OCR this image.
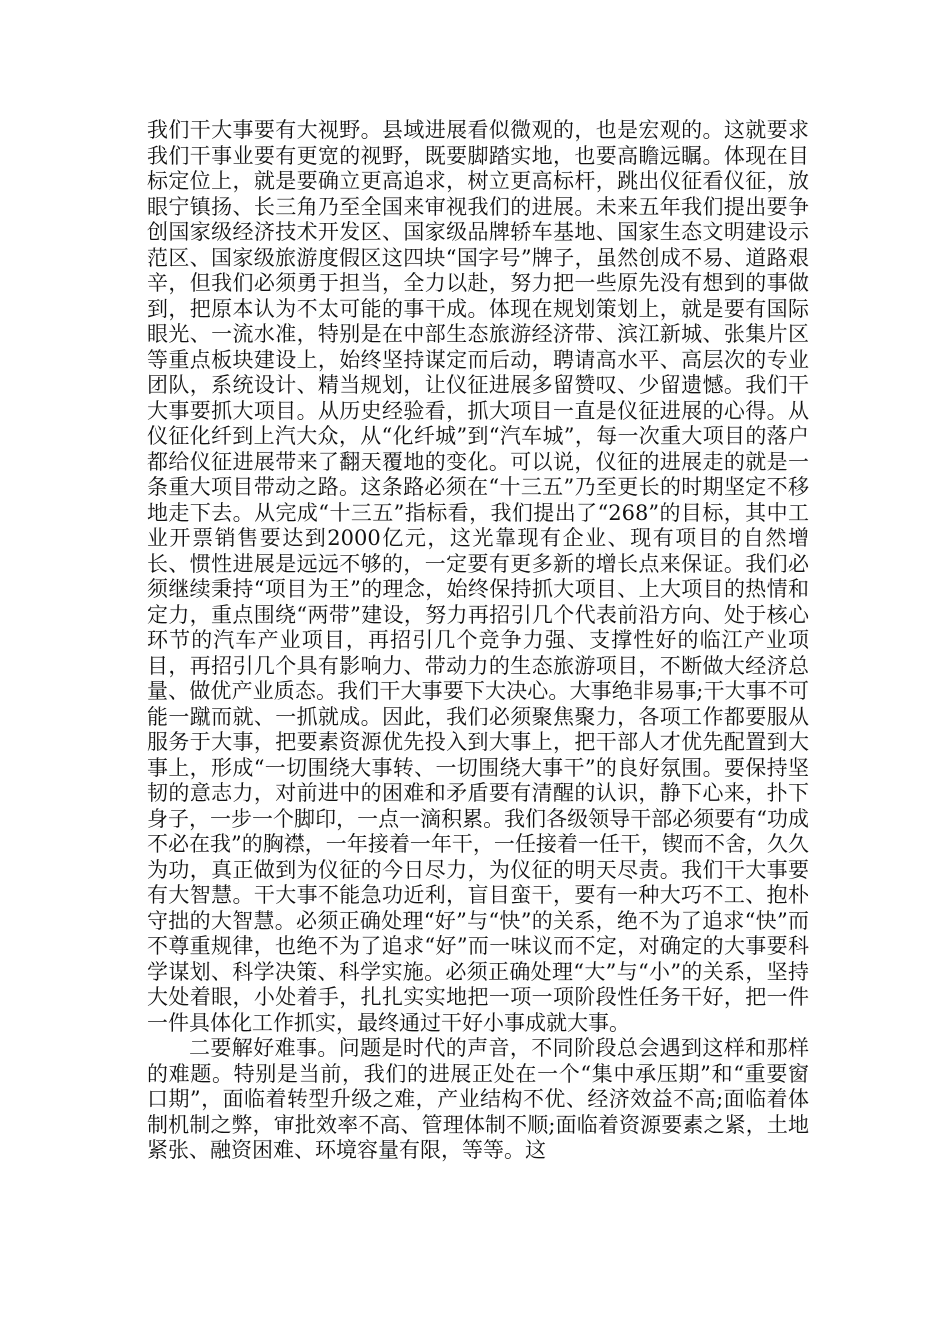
我们干大事要有大视野。县域进展看似微观的，也是宏观的。这就要求我们干事业要有更宽的视野，既要脚踏实地，也要高瞻远瞩。体现在目标定位上，就是要确立更高追求，树立更高标杆，跳出仪征看仪征，放眼宁镇扬、长三角乃至全国来审视我们的进展。未来五年我们提出要争创国家级经济技术开发区、国家级品牌轿车基地、国家生态文明建设示范区、国家级旅游度假区这四块“国字号”牌子，虽然创成不易、道路艰辛，但我们必须勇于担当，全力以赴，努力把一些原先没有想到的事做到，把原本认为不太可能的事干成。体现在规划策划上，就是要有国际眼光、一流水准，特别是在中部生态旅游经济带、滨江新城、张集片区等重点板块建设上，始终坚持谋定而后动，聘请高水平、高层次的专业团队，系统设计、精当规划，让仪征进展多留赞叹、少留遗憾。我们干大事要抓大项目。从历史经验看，抓大项目一直是仪征进展的心得。从仪征化纤到上汽大众，从“化纤城”到“汽车城”，每一次重大项目的落户都给仪征进展带来了翻天覆地的变化。可以说，仪征的进展走的就是一条重大项目带动之路。这条路必须在“十三五”乃至更长的时期坚定不移地走下去。从完成“十三五”指标看，我们提出了“268”的目标，其中工业开票销售要达到2000亿元，这光靠现有企业、现有项目的自然增长、惯性进展是远远不够的，一定要有更多新的增长点来保证。我们必须继续秉持“项目为王”的理念，始终保持抓大项目、上大项目的热情和定力，重点围绕“两带”建设，努力再招引几个代表前沿方向、处于核心环节的汽车产业项目，再招引几个竞争力强、支撑性好的临江产业项目，再招引几个具有影响力、带动力的生态旅游项目，不断做大经济总量、做优产业质态。我们干大事要下大决心。大事绝非易事;干大事不可能一蹴而就、一抓就成。因此，我们必须聚焦聚力，各项工作都要服从服务于大事，把要素资源优先投入到大事上，把干部人才优先配置到大事上，形成“一切围绕大事转、一切围绕大事干”的良好氛围。要保持坚韧的意志力，对前进中的困难和矛盾要有清醒的认识，静下心来，扑下身子，一步一个脚印，一点一滴积累。我们各级领导干部必须要有“功成不必在我”的胸襟，一年接着一年干，一任接着一任干，锲而不舍，久久为功，真正做到为仪征的今日尽力，为仪征的明天尽责。我们干大事要有大智慧。干大事不能急功近利，盲目蛮干，要有一种大巧不工、抱朴守拙的大智慧。必须正确处理“好”与“快”的关系，绝不为了追求“快”而不尊重规律，也绝不为了追求“好”而一味议而不定，对确定的大事要科学谋划、科学决策、科学实施。必须正确处理“大”与“小”的关系，坚持大处着眼，小处着手，扎扎实实地把一项一项阶段性任务干好，把一件一件具体化工作抓实，最终通过干好小事成就大事。

二要解好难事。问题是时代的声音，不同阶段总会遇到这样和那样的难题。特别是当前，我们的进展正处在一个“集中承压期”和“重要窗口期”，面临着转型升级之难，产业结构不优、经济效益不高;面临着体制机制之弊，审批效率不高、管理体制不顺;面临着资源要素之紧，土地紧张、融资困难、环境容量有限，等等。这
